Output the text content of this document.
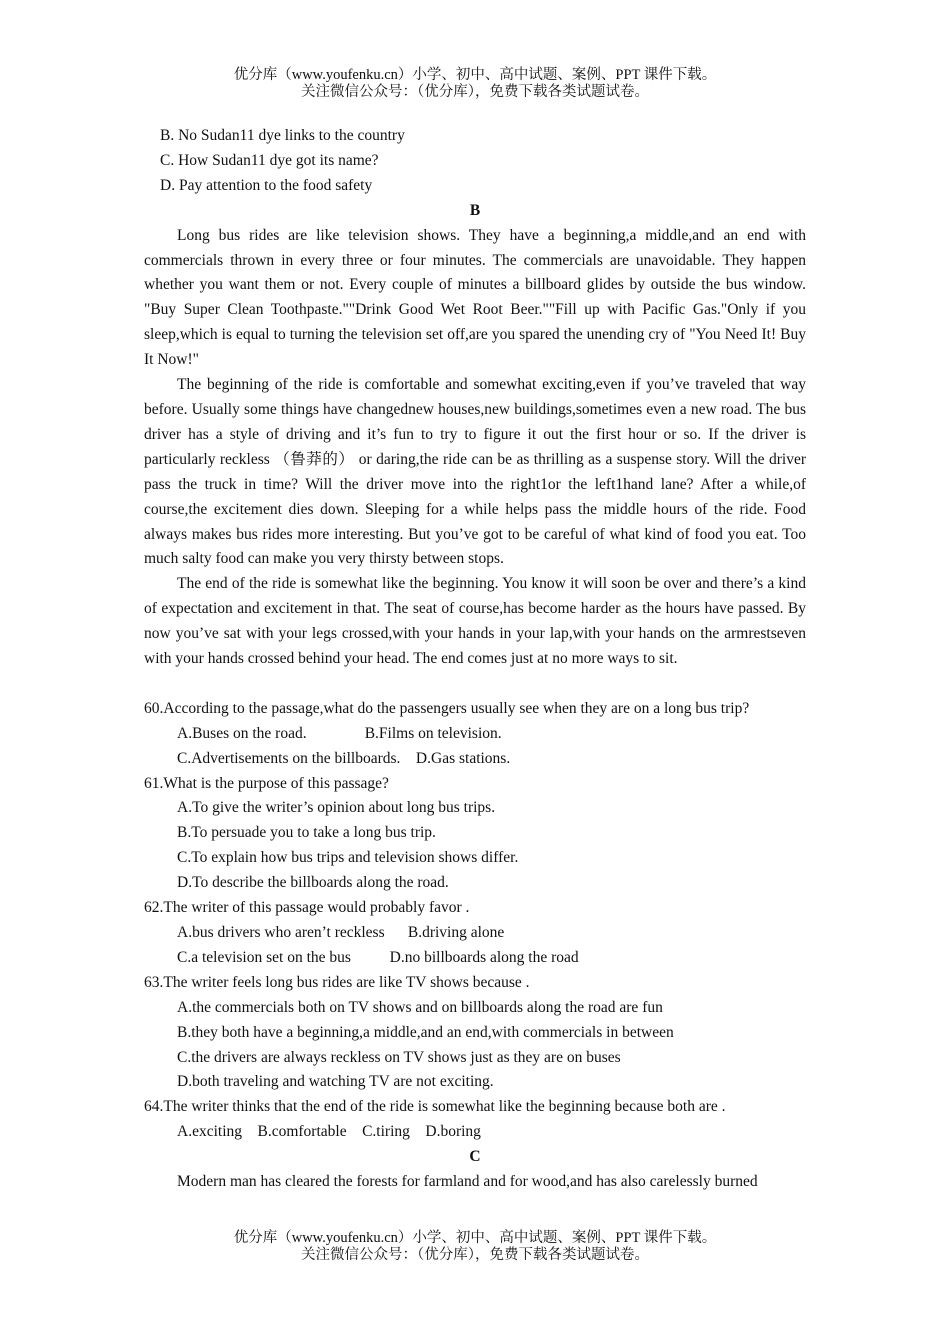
优分库（www.youfenku.cn）小学、初中、高中试题、案例、PPT 课件下载。
关注微信公众号：（优分库），免费下载各类试题试卷。

B. No Sudan11 dye links to the country

C. How Sudan11 dye got its name?

D. Pay attention to the food safety

B

Long bus rides are like television shows. They have a beginning,a middle,and an end with commercials thrown in every three or four minutes. The commercials are unavoidable. They happen whether you want them or not. Every couple of minutes a billboard glides by outside the bus window. "Buy Super Clean Toothpaste.""Drink Good Wet Root Beer.""Fill up with Pacific Gas."Only if you sleep,which is equal to turning the television set off,are you spared the unending cry of "You Need It! Buy It Now!"

The beginning of the ride is comfortable and somewhat exciting,even if you’ve traveled that way before. Usually some things have changednew houses,new buildings,sometimes even a new road. The bus driver has a style of driving and it’s fun to try to figure it out the first hour or so. If the driver is particularly reckless （鲁莽的） or daring,the ride can be as thrilling as a suspense story. Will the driver pass the truck in time? Will the driver move into the right1or the left1hand lane? After a while,of course,the excitement dies down. Sleeping for a while helps pass the middle hours of the ride. Food always makes bus rides more interesting. But you’ve got to be careful of what kind of food you eat. Too much salty food can make you very thirsty between stops.

The end of the ride is somewhat like the beginning. You know it will soon be over and there’s a kind of expectation and excitement in that. The seat of course,has become harder as the hours have passed. By now you’ve sat with your legs crossed,with your hands in your lap,with your hands on the armrestseven with your hands crossed behind your head. The end comes just at no more ways to sit.

60.According to the passage,what do the passengers usually see when they are on a long bus trip?

A.Buses on the road.               B.Films on television.

C.Advertisements on the billboards.    D.Gas stations.

61.What is the purpose of this passage?

A.To give the writer’s opinion about long bus trips.

B.To persuade you to take a long bus trip.

C.To explain how bus trips and television shows differ.

D.To describe the billboards along the road.

62.The writer of this passage would probably favor .

A.bus drivers who aren’t reckless      B.driving alone

C.a television set on the bus          D.no billboards along the road

63.The writer feels long bus rides are like TV shows because .

A.the commercials both on TV shows and on billboards along the road are fun

B.they both have a beginning,a middle,and an end,with commercials in between

C.the drivers are always reckless on TV shows just as they are on buses

D.both traveling and watching TV are not exciting.

64.The writer thinks that the end of the ride is somewhat like the beginning because both are .

A.exciting    B.comfortable    C.tiring    D.boring

C

Modern man has cleared the forests for farmland and for wood,and has also carelessly burned

优分库（www.youfenku.cn）小学、初中、高中试题、案例、PPT 课件下载。
关注微信公众号：（优分库），免费下载各类试题试卷。
